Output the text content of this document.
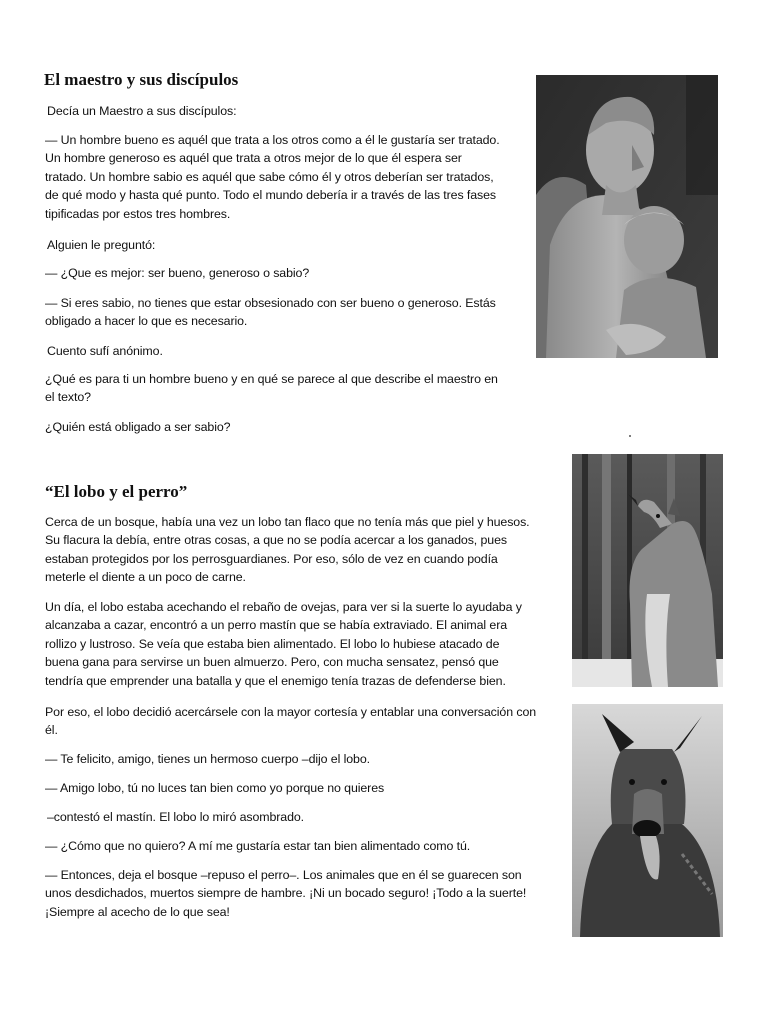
El maestro y sus discípulos

Decía un Maestro a sus discípulos:

— Un hombre bueno es aquél que trata a los otros como a él le gustaría ser tratado.
Un hombre generoso es aquél que trata a otros mejor de lo que él espera ser
tratado. Un hombre sabio es aquél que sabe cómo él y otros deberían ser tratados,
de qué modo y hasta qué punto. Todo el mundo debería ir a través de las tres fases
tipificadas por estos tres hombres.

Alguien le preguntó:

— ¿Que es mejor: ser bueno, generoso o sabio?

— Si eres sabio, no tienes que estar obsesionado con ser bueno o generoso. Estás
obligado a hacer lo que es necesario.

Cuento sufí anónimo.

¿Qué es para ti un hombre bueno y en qué se parece al que describe el maestro en
el texto?

¿Quién está obligado a ser sabio?

“El lobo y el perro”

Cerca de un bosque, había una vez un lobo tan flaco que no tenía más que piel y huesos.
Su flacura la debía, entre otras cosas, a que no se podía acercar a los ganados, pues
estaban protegidos por los perrosguardianes. Por eso, sólo de vez en cuando podía
meterle el diente a un poco de carne.

Un día, el lobo estaba acechando el rebaño de ovejas, para ver si la suerte lo ayudaba y
alcanzaba a cazar, encontró a un perro mastín que se había extraviado. El animal era
rollizo y lustroso. Se veía que estaba bien alimentado. El lobo lo hubiese atacado de
buena gana para servirse un buen almuerzo. Pero, con mucha sensatez, pensó que
tendría que emprender una batalla y que el enemigo tenía trazas de defenderse bien.

Por eso, el lobo decidió acercársele con la mayor cortesía y entablar una conversación con
él.

— Te felicito, amigo, tienes un hermoso cuerpo –dijo el lobo.

— Amigo lobo, tú no luces tan bien como yo porque no quieres

–contestó el mastín. El lobo lo miró asombrado.

— ¿Cómo que no quiero? A mí me gustaría estar tan bien alimentado como tú.

— Entonces, deja el bosque –repuso el perro–. Los animales que en él se guarecen son
unos desdichados, muertos siempre de hambre. ¡Ni un bocado seguro! ¡Todo a la suerte!
¡Siempre al acecho de lo que sea!
